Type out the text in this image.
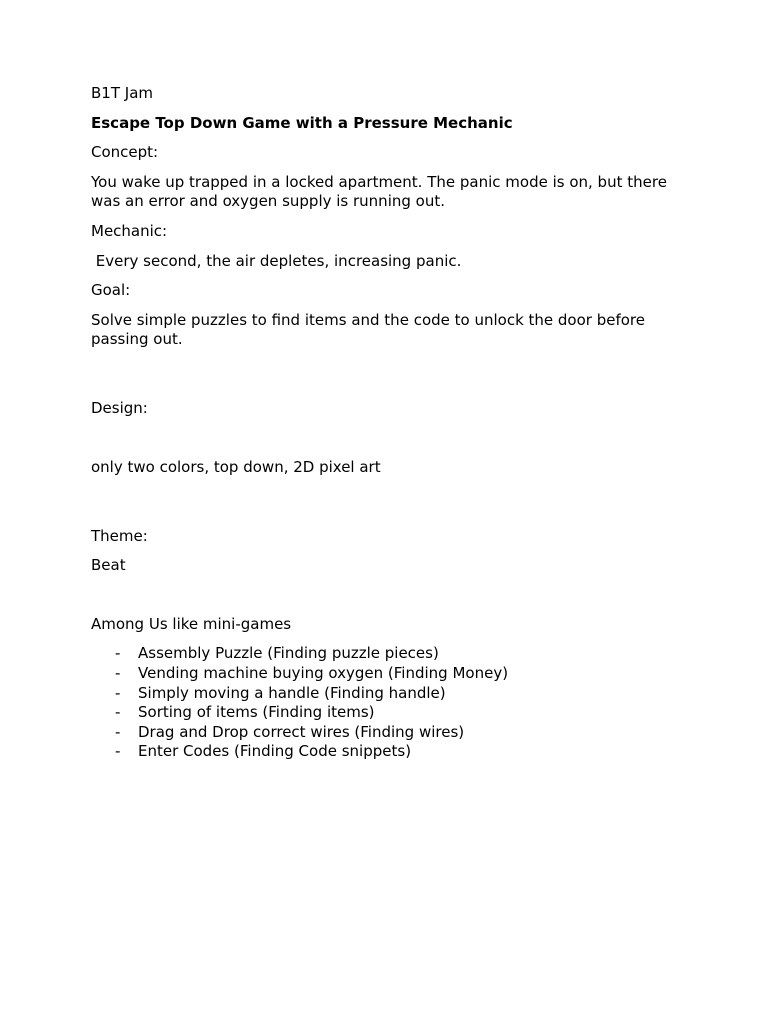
B1T Jam

Escape Top Down Game with a Pressure Mechanic

Concept:

You wake up trapped in a locked apartment. The panic mode is on, but there was an error and oxygen supply is running out.

Mechanic:

Every second, the air depletes, increasing panic.

Goal:

Solve simple puzzles to find items and the code to unlock the door before passing out.

Design:

only two colors, top down, 2D pixel art

Theme:

Beat

Among Us like mini-games

- Assembly Puzzle (Finding puzzle pieces)
- Vending machine buying oxygen (Finding Money)
- Simply moving a handle (Finding handle)
- Sorting of items (Finding items)
- Drag and Drop correct wires (Finding wires)
- Enter Codes (Finding Code snippets)
